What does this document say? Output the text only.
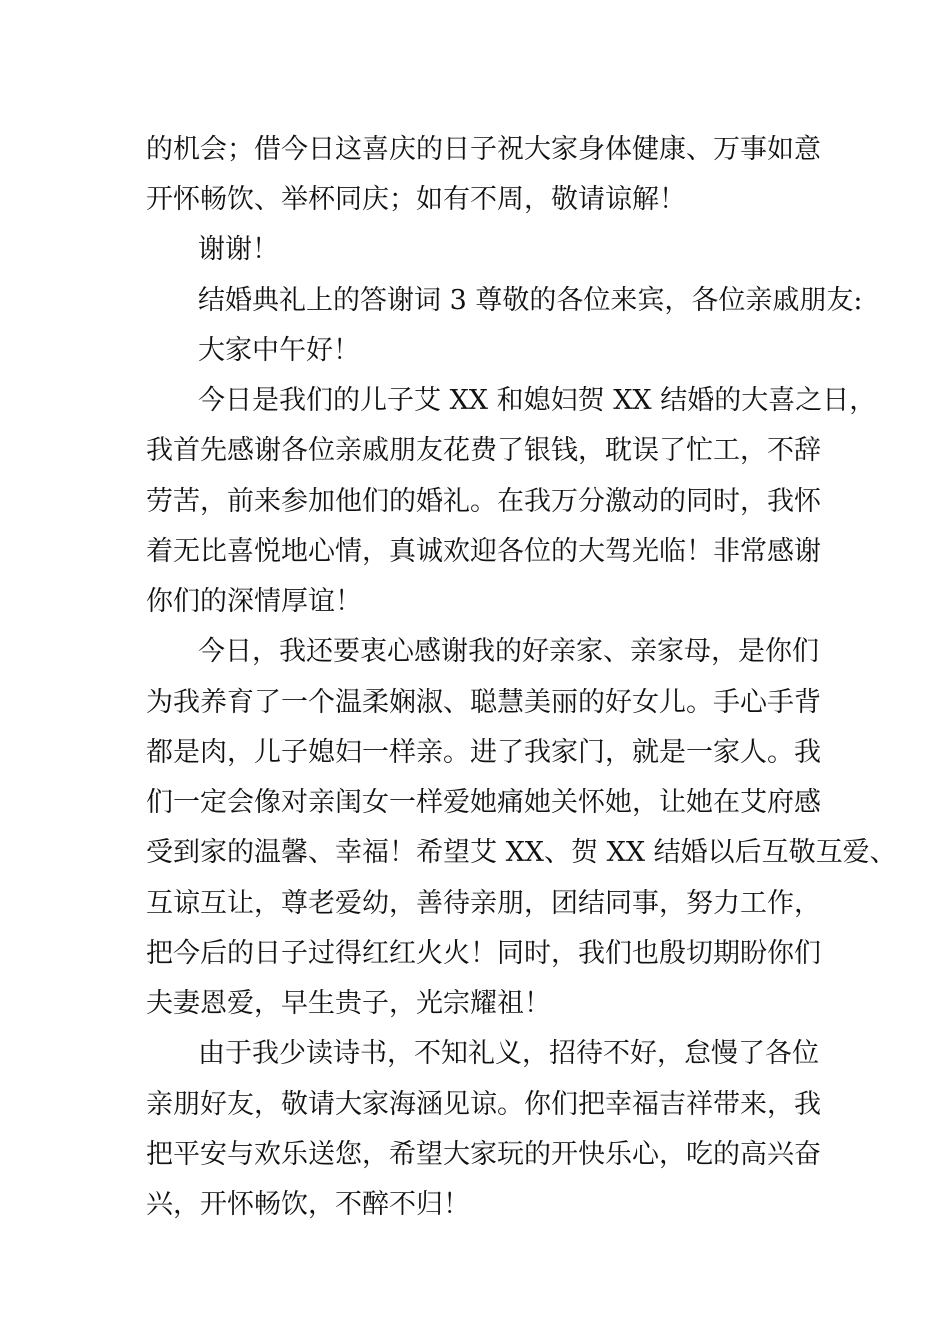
的机会；借今日这喜庆的日子祝大家身体健康、万事如意
开怀畅饮、举杯同庆；如有不周，敬请谅解！
谢谢！
结婚典礼上的答谢词 3 尊敬的各位来宾，各位亲戚朋友:
大家中午好！
今日是我们的儿子艾 XX 和媳妇贺 XX 结婚的大喜之日，
我首先感谢各位亲戚朋友花费了银钱，耽误了忙工，不辞
劳苦，前来参加他们的婚礼。在我万分激动的同时，我怀
着无比喜悦地心情，真诚欢迎各位的大驾光临！非常感谢
你们的深情厚谊！
今日，我还要衷心感谢我的好亲家、亲家母，是你们
为我养育了一个温柔娴淑、聪慧美丽的好女儿。手心手背
都是肉，儿子媳妇一样亲。进了我家门，就是一家人。我
们一定会像对亲闺女一样爱她痛她关怀她，让她在艾府感
受到家的温馨、幸福！希望艾 XX、贺 XX 结婚以后互敬互爱、
互谅互让，尊老爱幼，善待亲朋，团结同事，努力工作，
把今后的日子过得红红火火！同时，我们也殷切期盼你们
夫妻恩爱，早生贵子，光宗耀祖！
由于我少读诗书，不知礼义，招待不好，怠慢了各位
亲朋好友，敬请大家海涵见谅。你们把幸福吉祥带来，我
把平安与欢乐送您，希望大家玩的开快乐心，吃的高兴奋
兴，开怀畅饮，不醉不归！
